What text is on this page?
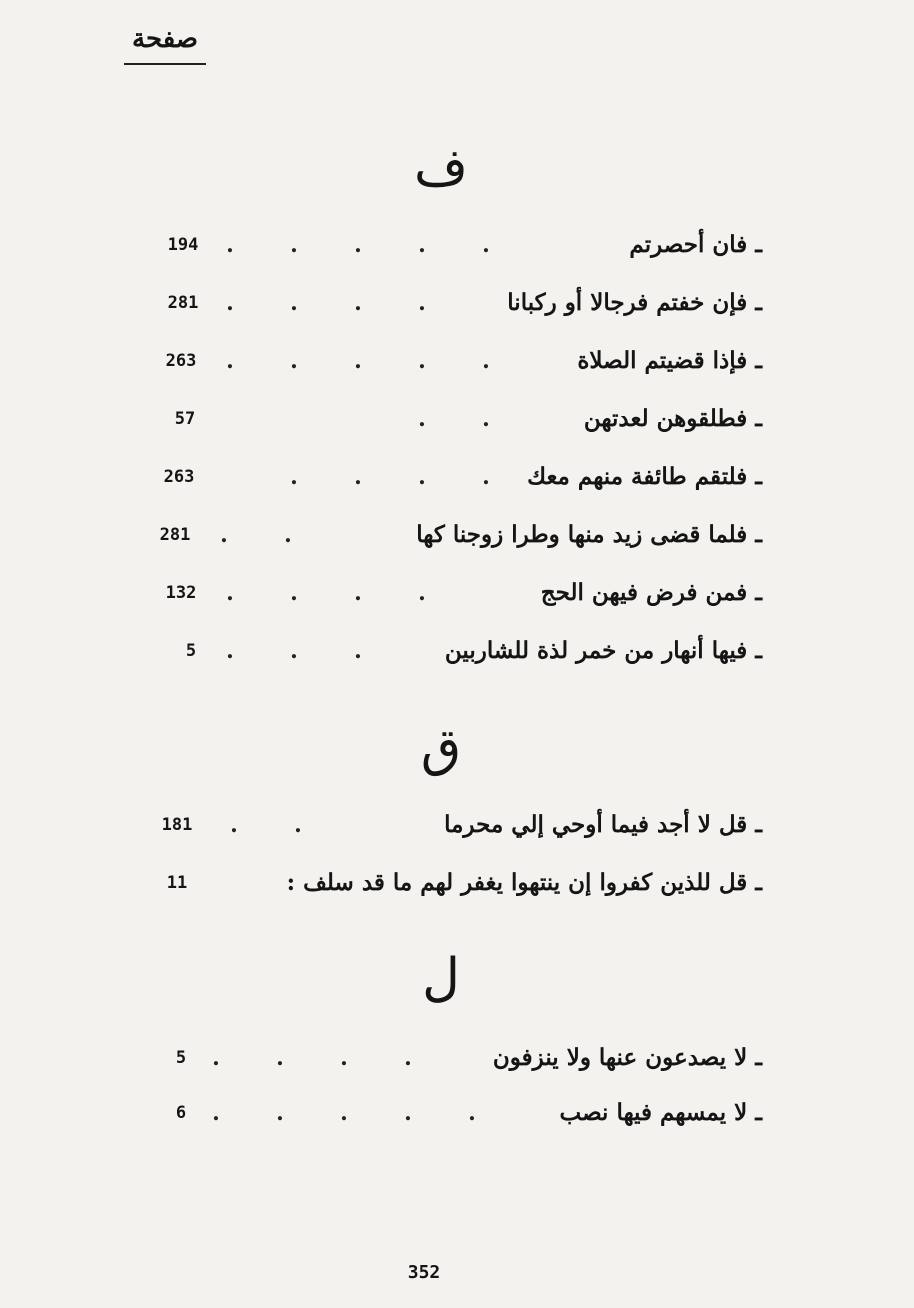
صفحة
ف
194	.	.	.	.	.	ـ فان أحصرتم
281	.	.	.	.	ـ فإن خفتم فرجالا أو ركبانا
263	.	.	.	.	.	ـ فإذا قضيتم الصلاة
57	.	.	ـ فطلقوهن لعدتهن
263	.	.	.	.	ـ فلتقم طائفة منهم معك
281	.	.	ـ فلما قضى زيد منها وطرا زوجنا كها
132	.	.	.	.	ـ فمن فرض فيهن الحج
5	.	.	.	ـ فيها أنهار من خمر لذة للشاربين
ق
181	.	.	ـ قل لا أجد فيما أوحي إلي محرما
11	ـ قل للذين كفروا إن ينتهوا يغفر لهم ما قد سلف :
ل
5	.	.	.	.	ـ لا يصدعون عنها ولا ينزفون
6	.	.	.	.	.	ـ لا يمسهم فيها نصب
352
